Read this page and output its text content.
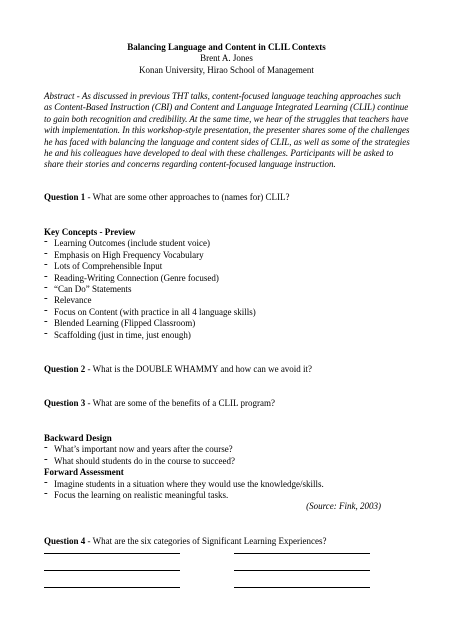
Balancing Language and Content in CLIL Contexts
Brent A. Jones
Konan University, Hirao School of Management
Abstract - As discussed in previous THT talks, content-focused language teaching approaches such as Content-Based Instruction (CBI) and Content and Language Integrated Learning (CLIL) continue to gain both recognition and credibility. At the same time, we hear of the struggles that teachers have with implementation. In this workshop-style presentation, the presenter shares some of the challenges he has faced with balancing the language and content sides of CLIL, as well as some of the strategies he and his colleagues have developed to deal with these challenges. Participants will be asked to share their stories and concerns regarding content-focused language instruction.
Question 1 - What are some other approaches to (names for) CLIL?
Key Concepts - Preview
- Learning Outcomes (include student voice)
- Emphasis on High Frequency Vocabulary
- Lots of Comprehensible Input
- Reading-Writing Connection (Genre focused)
- “Can Do” Statements
- Relevance
- Focus on Content (with practice in all 4 language skills)
- Blended Learning (Flipped Classroom)
- Scaffolding (just in time, just enough)
Question 2 - What is the DOUBLE WHAMMY and how can we avoid it?
Question 3 - What are some of the benefits of a CLIL program?
Backward Design
- What’s important now and years after the course?
- What should students do in the course to succeed?
Forward Assessment
- Imagine students in a situation where they would use the knowledge/skills.
- Focus the learning on realistic meaningful tasks.
(Source: Fink, 2003)
Question 4 - What are the six categories of Significant Learning Experiences?
